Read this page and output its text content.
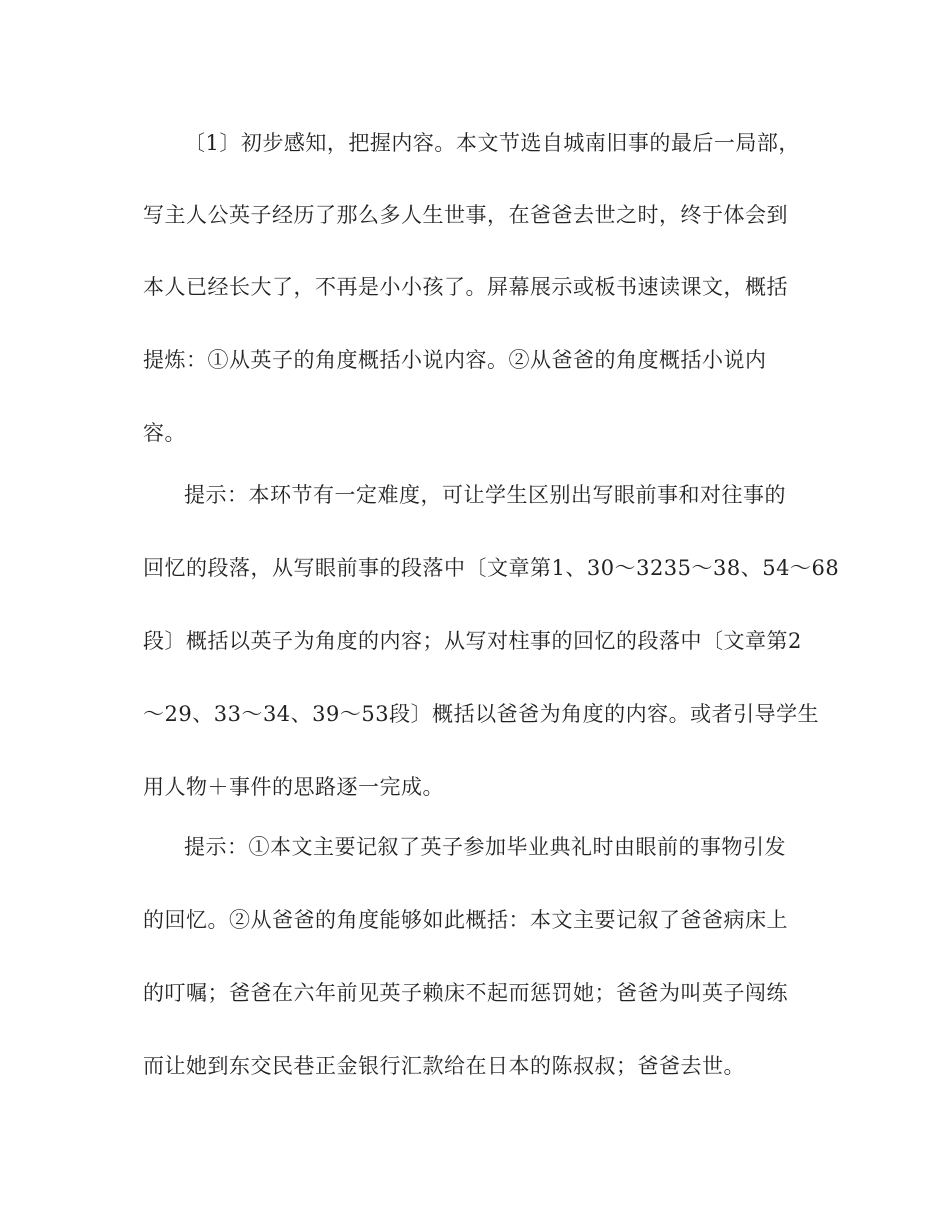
〔1〕初步感知，把握内容。本文节选自城南旧事的最后一局部，
写主人公英子经历了那么多人生世事，在爸爸去世之时，终于体会到
本人已经长大了，不再是小小孩了。屏幕展示或板书速读课文，概括
提炼：①从英子的角度概括小说内容。②从爸爸的角度概括小说内
容。
提示：本环节有一定难度，可让学生区别出写眼前事和对往事的
回忆的段落，从写眼前事的段落中〔文章第1、30～3235～38、54～68
段〕概括以英子为角度的内容；从写对柱事的回忆的段落中〔文章第2
～29、33～34、39～53段〕概括以爸爸为角度的内容。或者引导学生
用人物＋事件的思路逐一完成。
提示：①本文主要记叙了英子参加毕业典礼时由眼前的事物引发
的回忆。②从爸爸的角度能够如此概括：本文主要记叙了爸爸病床上
的叮嘱；爸爸在六年前见英子赖床不起而惩罚她；爸爸为叫英子闯练
而让她到东交民巷正金银行汇款给在日本的陈叔叔；爸爸去世。
